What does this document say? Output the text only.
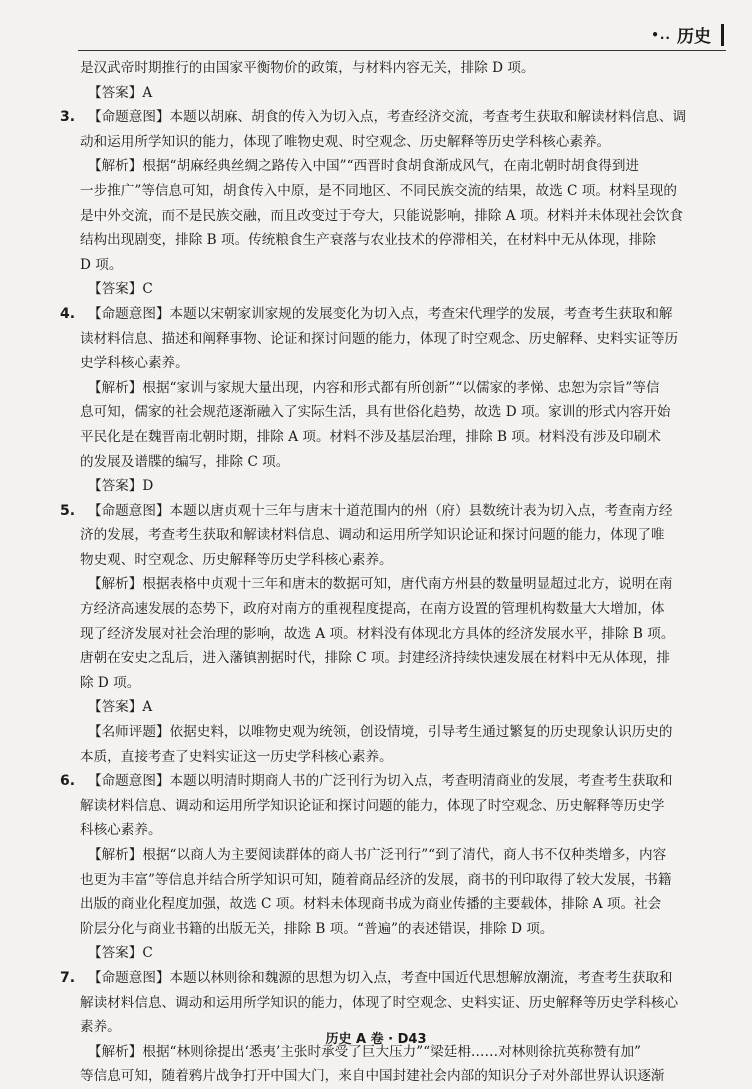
•.. 历史
是汉武帝时期推行的由国家平衡物价的政策，与材料内容无关，排除 D 项。
【答案】A
3. 【命题意图】本题以胡麻、胡食的传入为切入点，考查经济交流，考查考生获取和解读材料信息、调
动和运用所学知识的能力，体现了唯物史观、时空观念、历史解释等历史学科核心素养。
【解析】根据“胡麻经典丝绸之路传入中国”“西晋时食胡食渐成风气，在南北朝时胡食得到进
一步推广”等信息可知，胡食传入中原，是不同地区、不同民族交流的结果，故选 C 项。材料呈现的
是中外交流，而不是民族交融，而且改变过于夸大，只能说影响，排除 A 项。材料并未体现社会饮食
结构出现剧变，排除 B 项。传统粮食生产衰落与农业技术的停滞相关，在材料中无从体现，排除
D 项。
【答案】C
4. 【命题意图】本题以宋朝家训家规的发展变化为切入点，考查宋代理学的发展，考查考生获取和解
读材料信息、描述和阐释事物、论证和探讨问题的能力，体现了时空观念、历史解释、史料实证等历
史学科核心素养。
【解析】根据“家训与家规大量出现，内容和形式都有所创新”“以儒家的孝悌、忠恕为宗旨”等信
息可知，儒家的社会规范逐渐融入了实际生活，具有世俗化趋势，故选 D 项。家训的形式内容开始
平民化是在魏晋南北朝时期，排除 A 项。材料不涉及基层治理，排除 B 项。材料没有涉及印刷术
的发展及谱牒的编写，排除 C 项。
【答案】D
5. 【命题意图】本题以唐贞观十三年与唐末十道范围内的州（府）县数统计表为切入点，考查南方经
济的发展，考查考生获取和解读材料信息、调动和运用所学知识论证和探讨问题的能力，体现了唯
物史观、时空观念、历史解释等历史学科核心素养。
【解析】根据表格中贞观十三年和唐末的数据可知，唐代南方州县的数量明显超过北方，说明在南
方经济高速发展的态势下，政府对南方的重视程度提高，在南方设置的管理机构数量大大增加，体
现了经济发展对社会治理的影响，故选 A 项。材料没有体现北方具体的经济发展水平，排除 B 项。
唐朝在安史之乱后，进入藩镇割据时代，排除 C 项。封建经济持续快速发展在材料中无从体现，排
除 D 项。
【答案】A
【名师评题】依据史料，以唯物史观为统领，创设情境，引导考生通过繁复的历史现象认识历史的
本质，直接考查了史料实证这一历史学科核心素养。
6. 【命题意图】本题以明清时期商人书的广泛刊行为切入点，考查明清商业的发展，考查考生获取和
解读材料信息、调动和运用所学知识论证和探讨问题的能力，体现了时空观念、历史解释等历史学
科核心素养。
【解析】根据“以商人为主要阅读群体的商人书广泛刊行”“到了清代，商人书不仅种类增多，内容
也更为丰富”等信息并结合所学知识可知，随着商品经济的发展，商书的刊印取得了较大发展，书籍
出版的商业化程度加强，故选 C 项。材料未体现商书成为商业传播的主要载体，排除 A 项。社会
阶层分化与商业书籍的出版无关，排除 B 项。“普遍”的表述错误，排除 D 项。
【答案】C
7. 【命题意图】本题以林则徐和魏源的思想为切入点，考查中国近代思想解放潮流，考查考生获取和
解读材料信息、调动和运用所学知识的能力，体现了时空观念、史料实证、历史解释等历史学科核心
素养。
【解析】根据“林则徐提出‘悉夷’主张时承受了巨大压力”“梁廷枏……对林则徐抗英称赞有加”
等信息可知，随着鸦片战争打开中国大门，来自中国封建社会内部的知识分子对外部世界认识逐渐
历史 A 卷 · D43
